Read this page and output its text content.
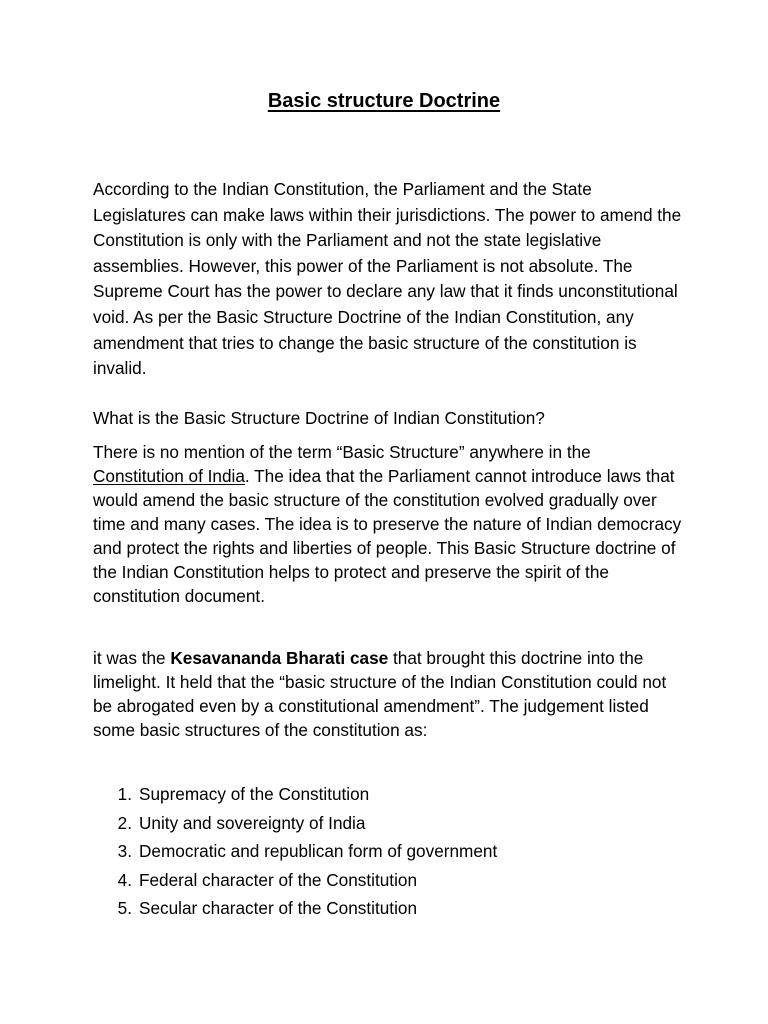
Basic structure Doctrine
According to the Indian Constitution, the Parliament and the State Legislatures can make laws within their jurisdictions. The power to amend the Constitution is only with the Parliament and not the state legislative assemblies. However, this power of the Parliament is not absolute. The Supreme Court has the power to declare any law that it finds unconstitutional void. As per the Basic Structure Doctrine of the Indian Constitution, any amendment that tries to change the basic structure of the constitution is invalid.
What is the Basic Structure Doctrine of Indian Constitution?
There is no mention of the term “Basic Structure” anywhere in the Constitution of India. The idea that the Parliament cannot introduce laws that would amend the basic structure of the constitution evolved gradually over time and many cases. The idea is to preserve the nature of Indian democracy and protect the rights and liberties of people. This Basic Structure doctrine of the Indian Constitution helps to protect and preserve the spirit of the constitution document.
it was the Kesavananda Bharati case that brought this doctrine into the limelight. It held that the “basic structure of the Indian Constitution could not be abrogated even by a constitutional amendment”. The judgement listed some basic structures of the constitution as:
1. Supremacy of the Constitution
2. Unity and sovereignty of India
3. Democratic and republican form of government
4. Federal character of the Constitution
5. Secular character of the Constitution
